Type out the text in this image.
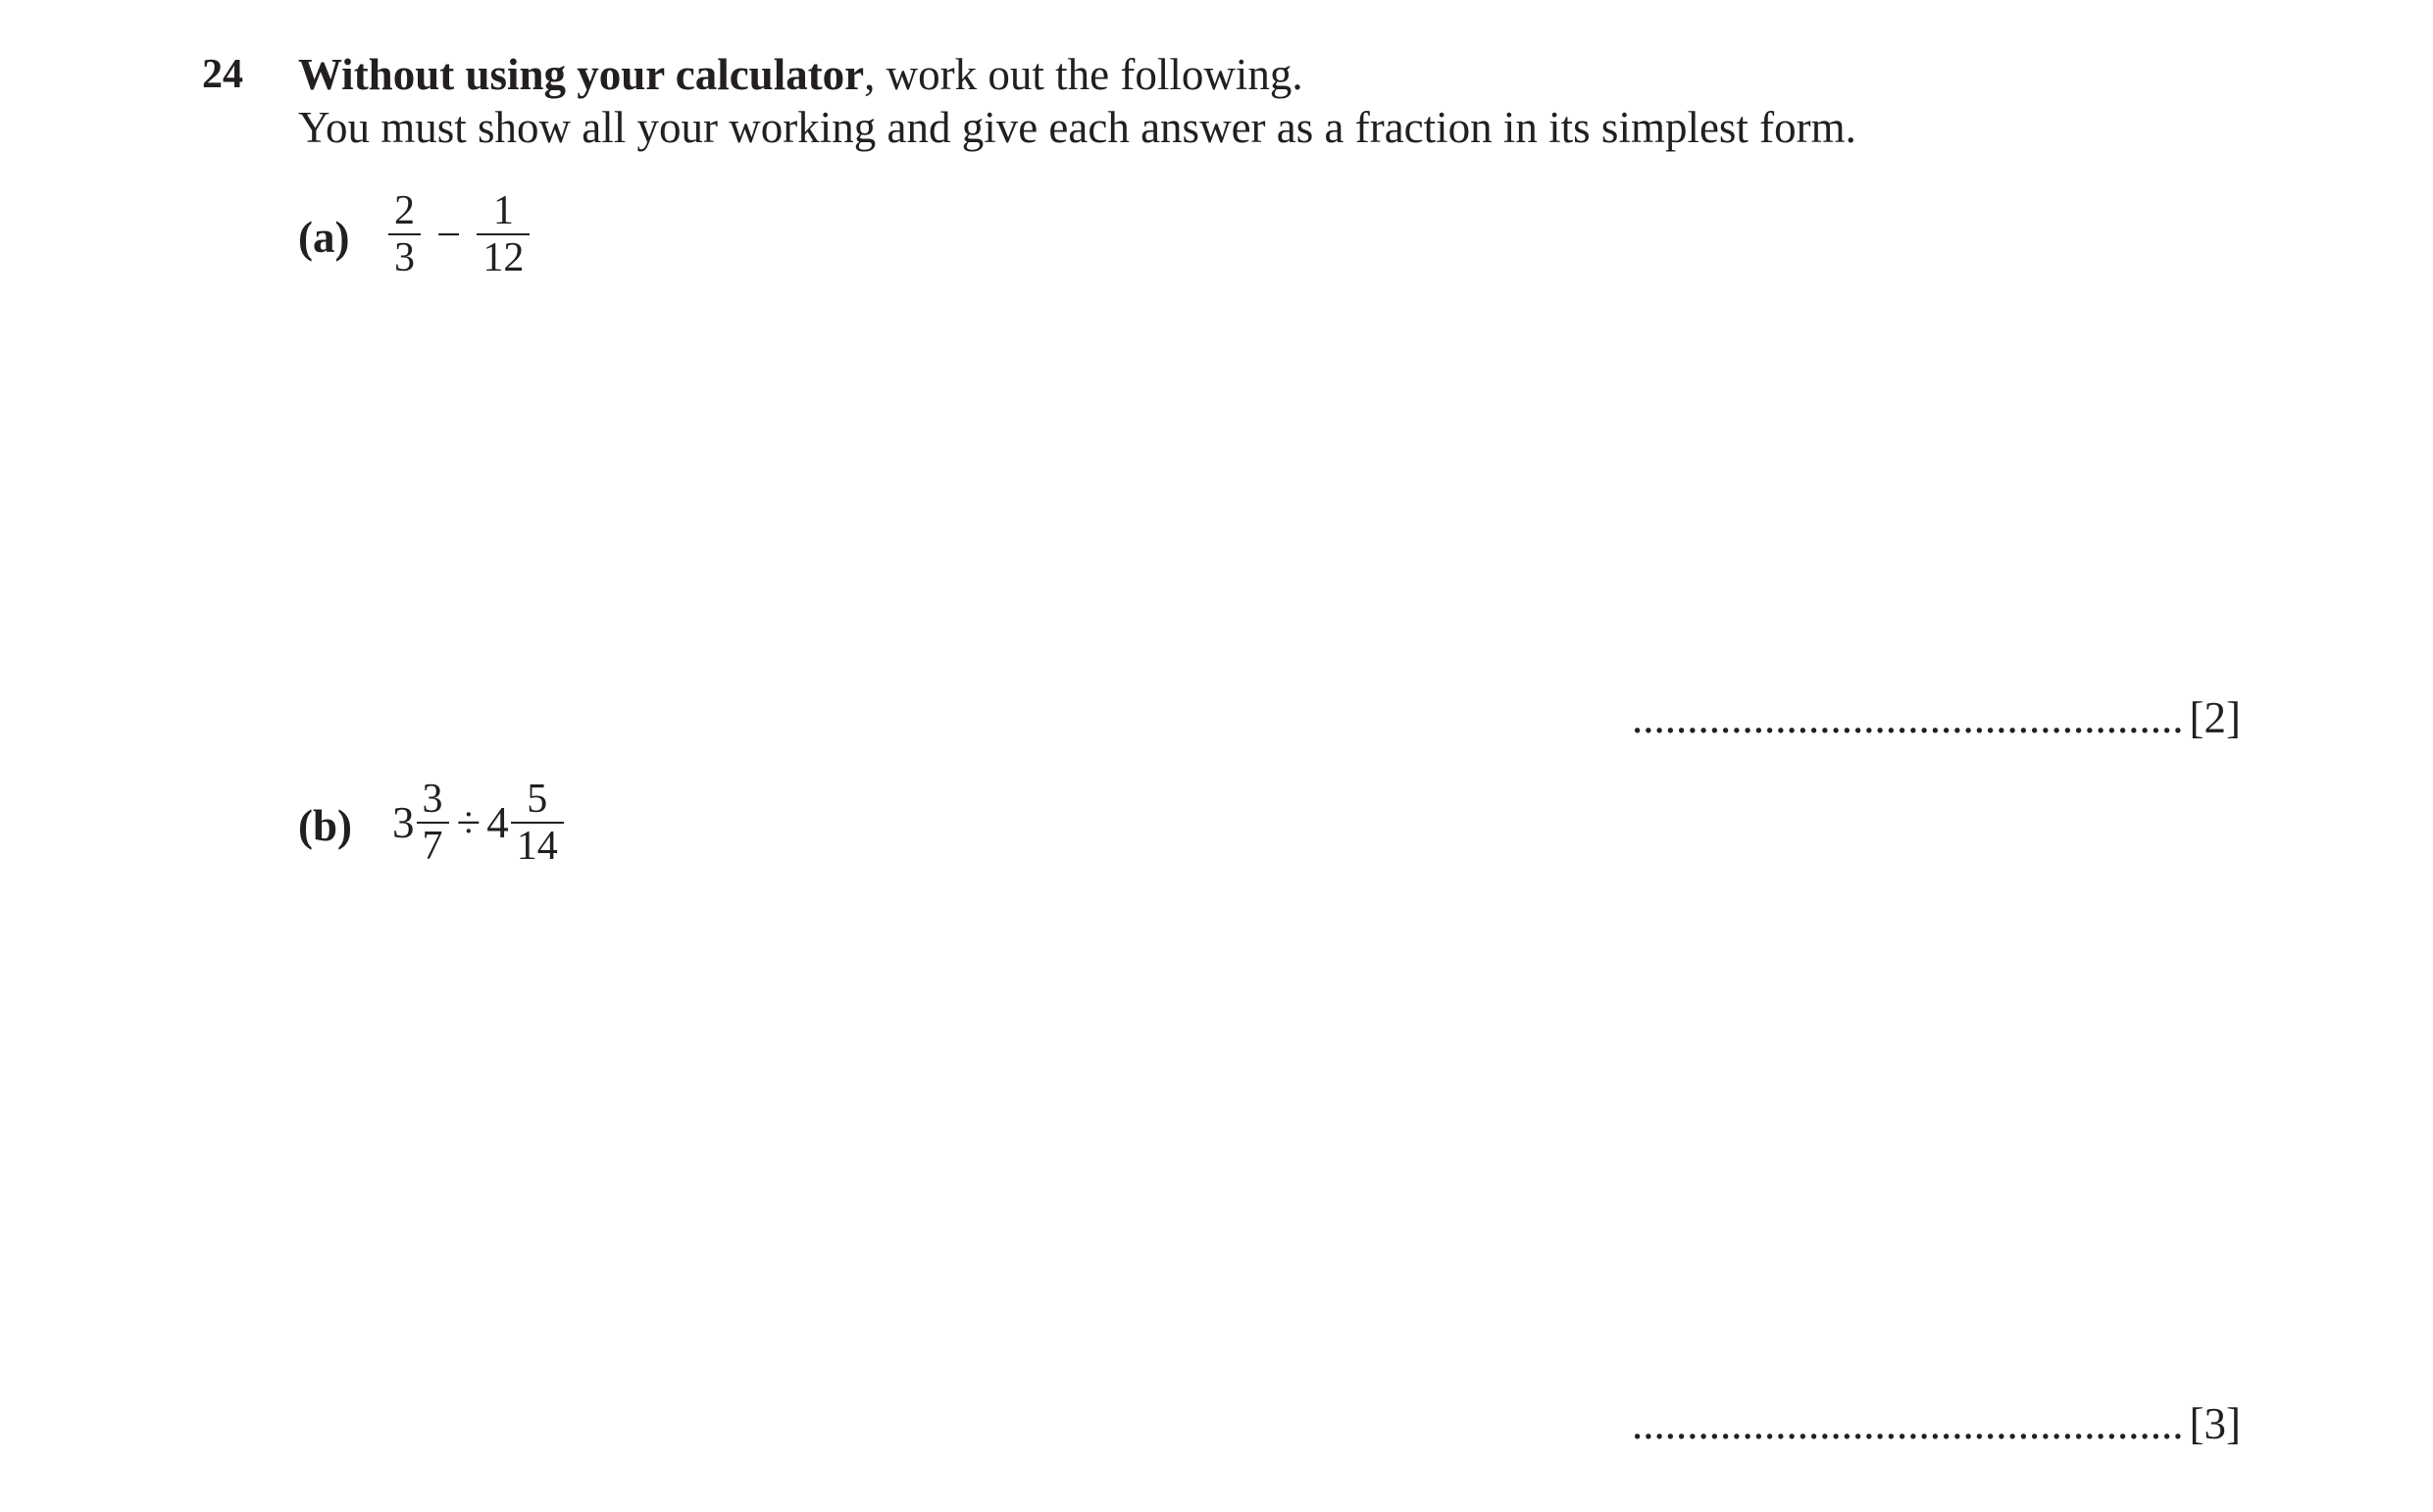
24 Without using your calculator, work out the following.
You must show all your working and give each answer as a fraction in its simplest form.
$(a) \frac{2}{3} - \frac{1}{12}$
.................................................. [2]
(b) $3 \frac{3}{7} \div 4 \frac{5}{14}$
.................................................. [3]
